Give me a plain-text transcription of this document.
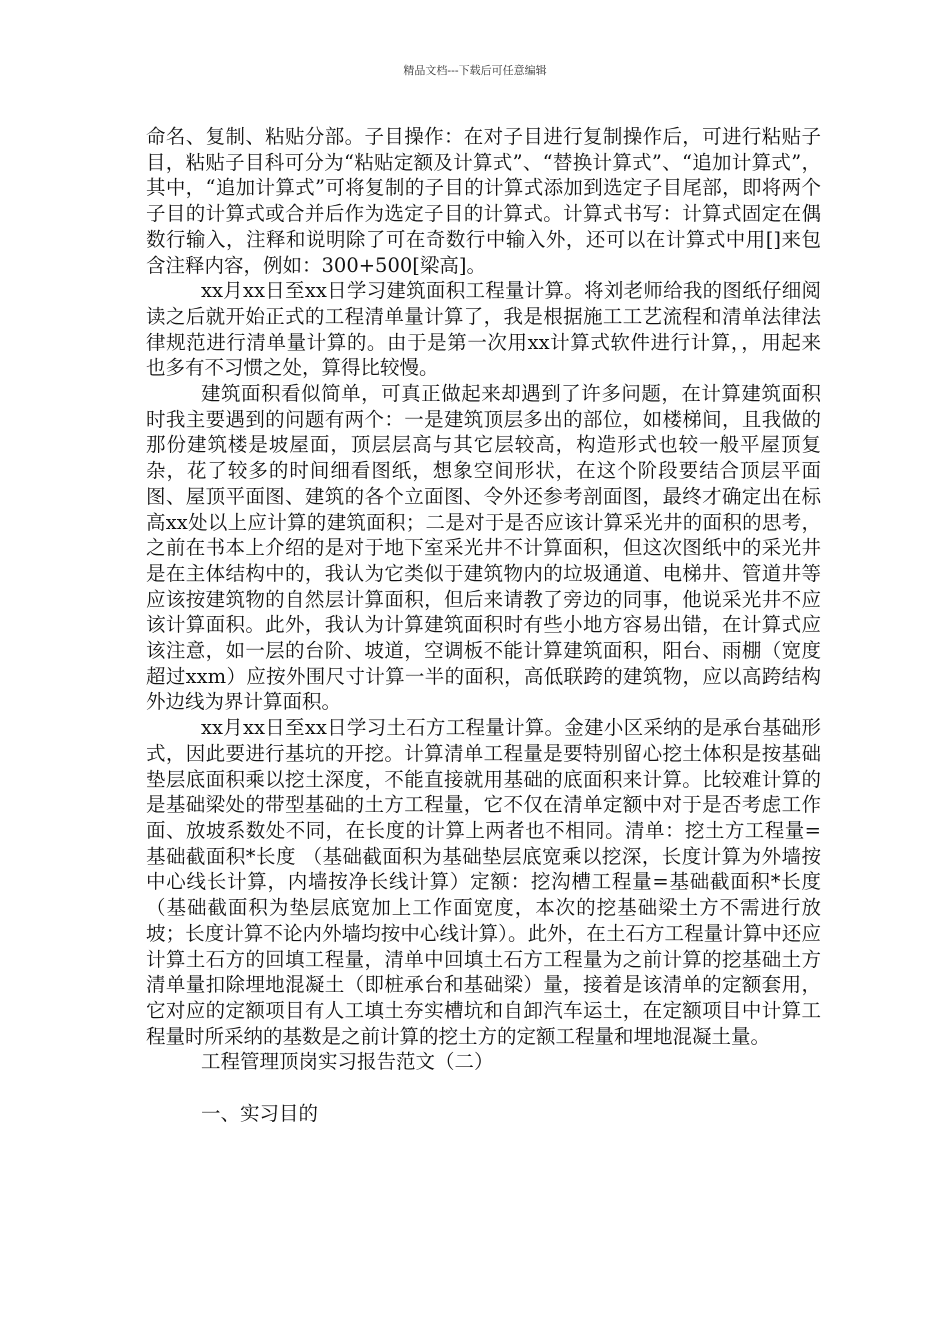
精品文档---下载后可任意编辑

命名、复制、粘贴分部。子目操作：在对子目进行复制操作后，可进行粘贴子目，粘贴子目科可分为“粘贴定额及计算式”、“替换计算式”、“追加计算式”，其中，“追加计算式”可将复制的子目的计算式添加到选定子目尾部，即将两个子目的计算式或合并后作为选定子目的计算式。计算式书写：计算式固定在偶数行输入，注释和说明除了可在奇数行中输入外，还可以在计算式中用[]来包含注释内容，例如：300+500[梁高]。

xx月xx日至xx日学习建筑面积工程量计算。将刘老师给我的图纸仔细阅读之后就开始正式的工程清单量计算了，我是根据施工工艺流程和清单法律法律规范进行清单量计算的。由于是第一次用xx计算式软件进行计算，，用起来也多有不习惯之处，算得比较慢。

建筑面积看似简单，可真正做起来却遇到了许多问题，在计算建筑面积时我主要遇到的问题有两个：一是建筑顶层多出的部位，如楼梯间，且我做的那份建筑楼是坡屋面，顶层层高与其它层较高，构造形式也较一般平屋顶复杂，花了较多的时间细看图纸，想象空间形状，在这个阶段要结合顶层平面图、屋顶平面图、建筑的各个立面图、令外还参考剖面图，最终才确定出在标高xx处以上应计算的建筑面积；二是对于是否应该计算采光井的面积的思考，之前在书本上介绍的是对于地下室采光井不计算面积，但这次图纸中的采光井是在主体结构中的，我认为它类似于建筑物内的垃圾通道、电梯井、管道井等应该按建筑物的自然层计算面积，但后来请教了旁边的同事，他说采光井不应该计算面积。此外，我认为计算建筑面积时有些小地方容易出错，在计算式应该注意，如一层的台阶、坡道，空调板不能计算建筑面积，阳台、雨棚（宽度超过xxm）应按外围尺寸计算一半的面积，高低联跨的建筑物，应以高跨结构外边线为界计算面积。

xx月xx日至xx日学习土石方工程量计算。金建小区采纳的是承台基础形式，因此要进行基坑的开挖。计算清单工程量是要特别留心挖土体积是按基础垫层底面积乘以挖土深度，不能直接就用基础的底面积来计算。比较难计算的是基础梁处的带型基础的土方工程量，它不仅在清单定额中对于是否考虑工作面、放坡系数处不同，在长度的计算上两者也不相同。清单：挖土方工程量=基础截面积*长度 （基础截面积为基础垫层底宽乘以挖深，长度计算为外墙按中心线长计算，内墙按净长线计算）定额：挖沟槽工程量=基础截面积*长度 （基础截面积为垫层底宽加上工作面宽度，本次的挖基础梁土方不需进行放坡；长度计算不论内外墙均按中心线计算）。此外，在土石方工程量计算中还应计算土石方的回填工程量，清单中回填土石方工程量为之前计算的挖基础土方清单量扣除埋地混凝土（即桩承台和基础梁）量，接着是该清单的定额套用，它对应的定额项目有人工填土夯实槽坑和自卸汽车运土，在定额项目中计算工程量时所采纳的基数是之前计算的挖土方的定额工程量和埋地混凝土量。

工程管理顶岗实习报告范文（二）

一、实习目的
